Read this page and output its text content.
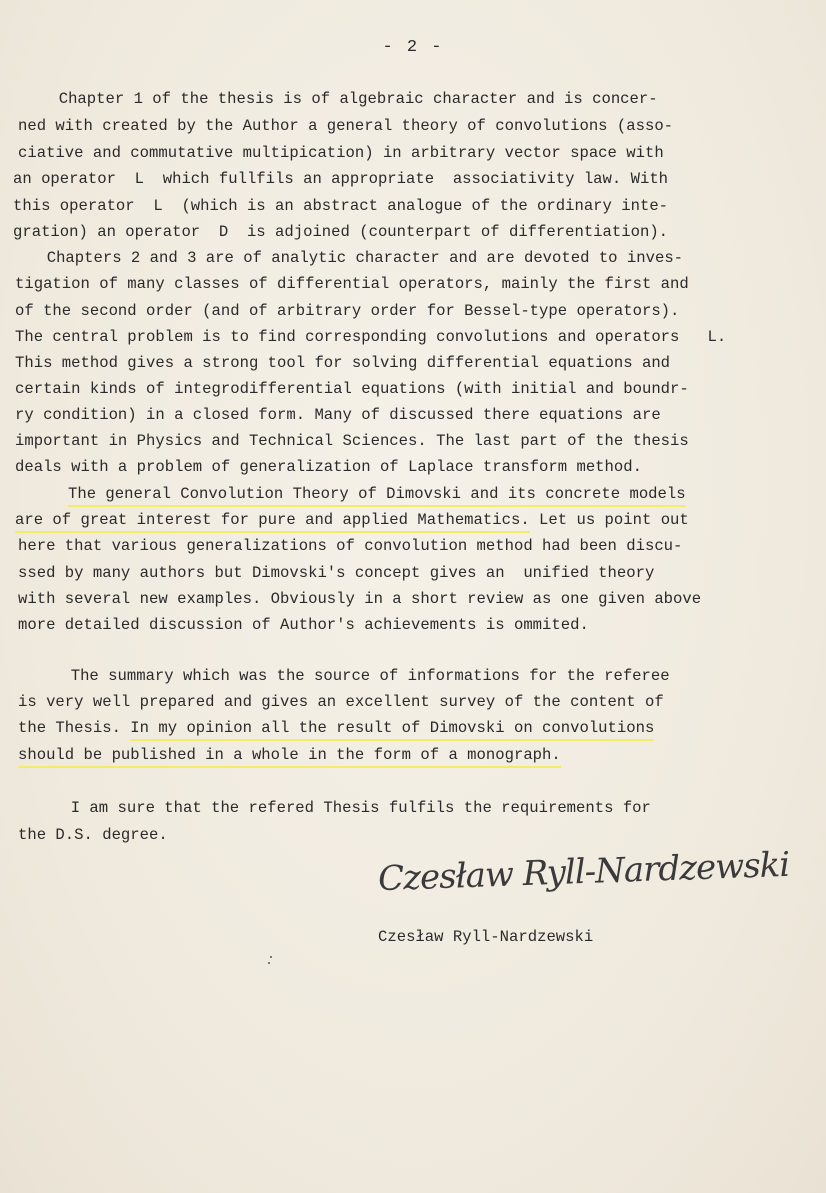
- 2 -
Chapter 1 of the thesis is of algebraic character and is concer-
ned with created by the Author a general theory of convolutions (asso-
ciative and commutative multipication) in arbitrary vector space with
an operator  L  which fullfils an appropriate  associativity law. With
this operator  L  (which is an abstract analogue of the ordinary inte-
gration) an operator  D  is adjoined (counterpart of differentiation).
Chapters 2 and 3 are of analytic character and are devoted to inves-
tigation of many classes of differential operators, mainly the first and
of the second order (and of arbitrary order for Bessel-type operators).
The central problem is to find corresponding convolutions and operators   L.
This method gives a strong tool for solving differential equations and
certain kinds of integrodifferential equations (with initial and boundr-
ry condition) in a closed form. Many of discussed there equations are
important in Physics and Technical Sciences. The last part of the thesis
deals with a problem of generalization of Laplace transform method.
The general Convolution Theory of Dimovski and its concrete models
are of great interest for pure and applied Mathematics. Let us point out
here that various generalizations of convolution method had been discu-
ssed by many authors but Dimovski's concept gives an  unified theory
with several new examples. Obviously in a short review as one given above
more detailed discussion of Author's achievements is ommited.
The summary which was the source of informations for the referee
is very well prepared and gives an excellent survey of the content of
the Thesis. In my opinion all the result of Dimovski on convolutions
should be published in a whole in the form of a monograph.
I am sure that the refered Thesis fulfils the requirements for
the D.S. degree.
Czesław Ryll-Nardzewski
Czesław Ryll-Nardzewski
